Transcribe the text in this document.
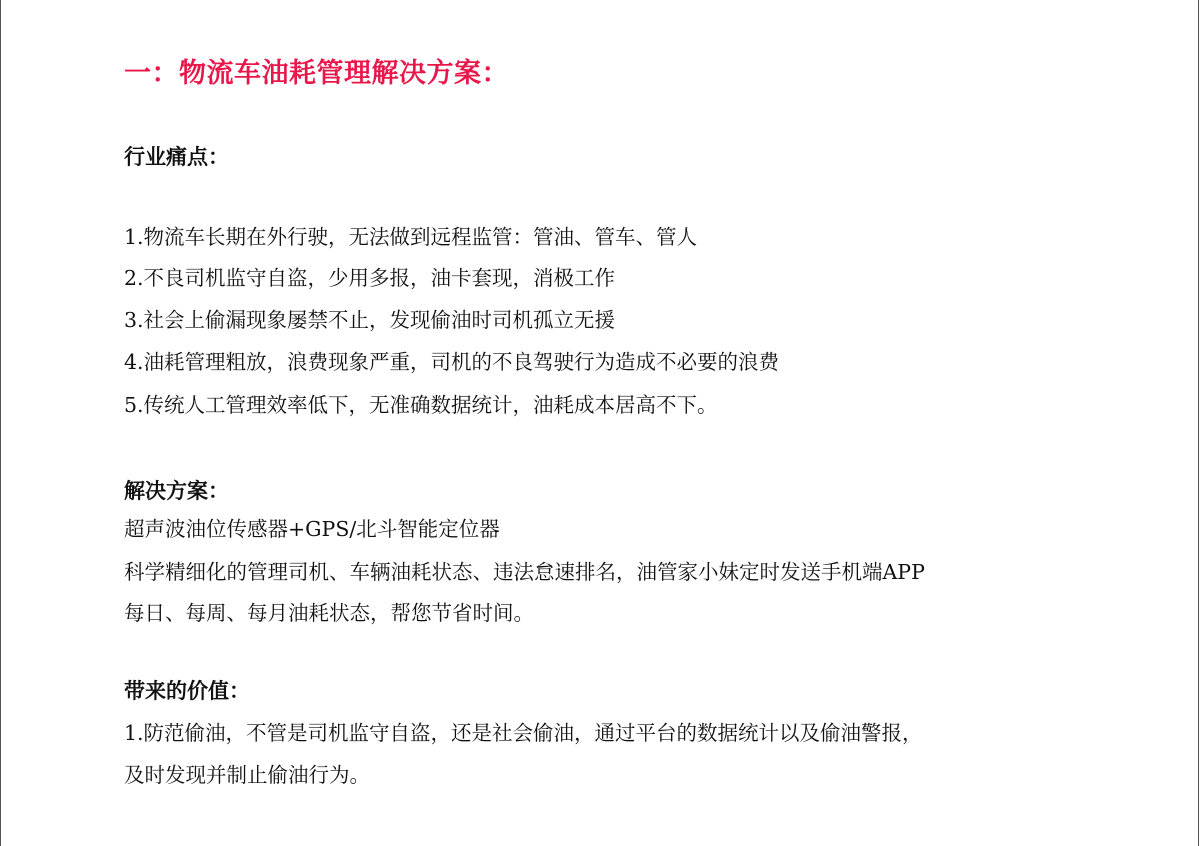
一：物流车油耗管理解决方案：
行业痛点：

1.物流车长期在外行驶，无法做到远程监管：管油、管车、管人

2.不良司机监守自盗，少用多报，油卡套现，消极工作

3.社会上偷漏现象屡禁不止，发现偷油时司机孤立无援

4.油耗管理粗放，浪费现象严重，司机的不良驾驶行为造成不必要的浪费

5.传统人工管理效率低下，无准确数据统计，油耗成本居高不下。

解决方案：

超声波油位传感器+GPS/北斗智能定位器

科学精细化的管理司机、车辆油耗状态、违法怠速排名，油管家小妹定时发送手机端APP

每日、每周、每月油耗状态，帮您节省时间。

带来的价值：

1.防范偷油，不管是司机监守自盗，还是社会偷油，通过平台的数据统计以及偷油警报，

及时发现并制止偷油行为。
